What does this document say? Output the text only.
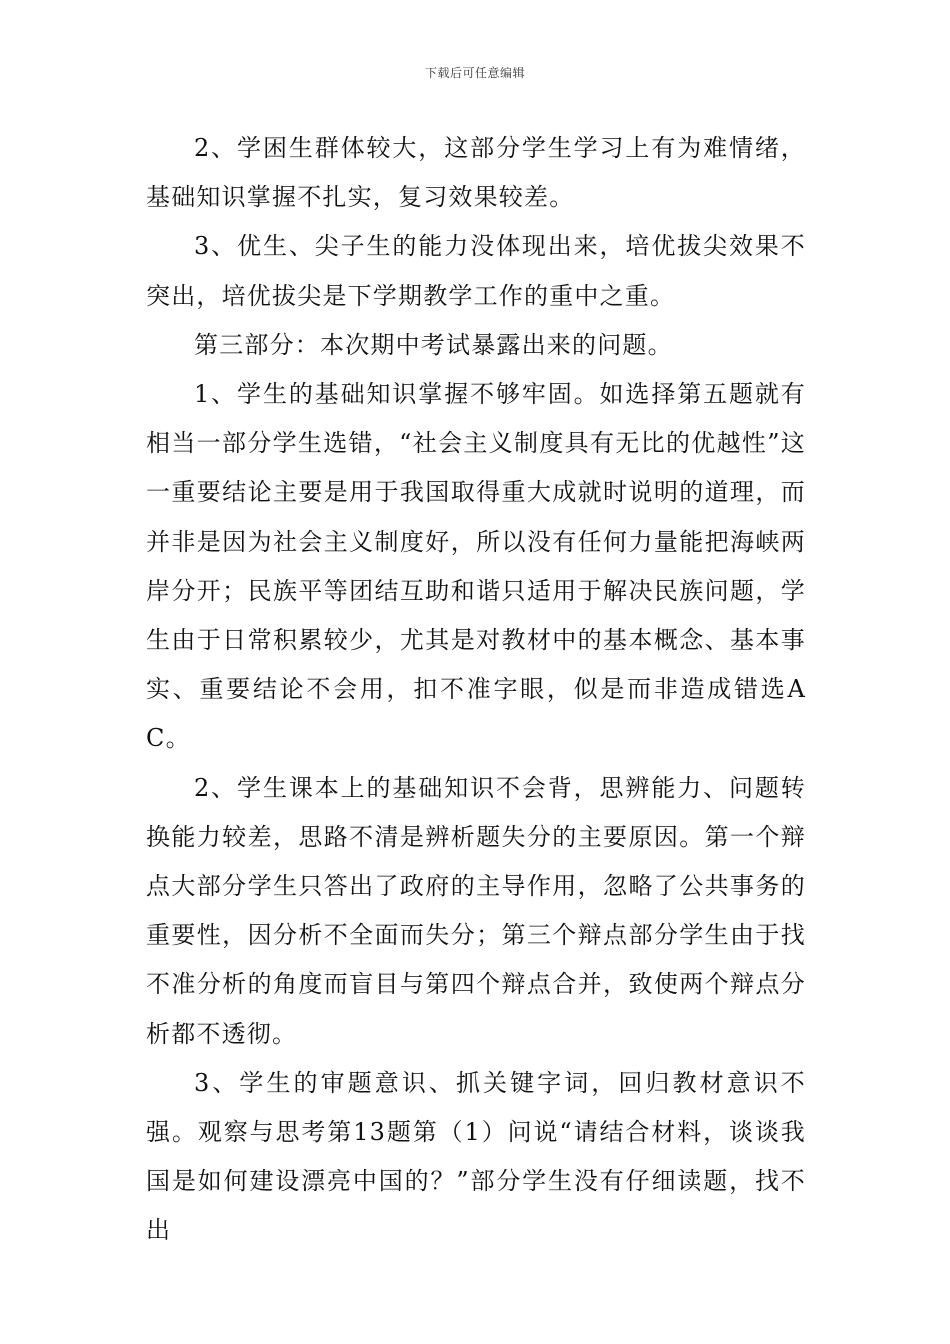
下载后可任意编辑

2、学困生群体较大，这部分学生学习上有为难情绪，基础知识掌握不扎实，复习效果较差。

3、优生、尖子生的能力没体现出来，培优拔尖效果不突出，培优拔尖是下学期教学工作的重中之重。

第三部分：本次期中考试暴露出来的问题。

1、学生的基础知识掌握不够牢固。如选择第五题就有相当一部分学生选错，“社会主义制度具有无比的优越性”这一重要结论主要是用于我国取得重大成就时说明的道理，而并非是因为社会主义制度好，所以没有任何力量能把海峡两岸分开；民族平等团结互助和谐只适用于解决民族问题，学生由于日常积累较少，尤其是对教材中的基本概念、基本事实、重要结论不会用，扣不准字眼，似是而非造成错选AC。

2、学生课本上的基础知识不会背，思辨能力、问题转换能力较差，思路不清是辨析题失分的主要原因。第一个辩点大部分学生只答出了政府的主导作用，忽略了公共事务的重要性，因分析不全面而失分；第三个辩点部分学生由于找不准分析的角度而盲目与第四个辩点合并，致使两个辩点分析都不透彻。

3、学生的审题意识、抓关键字词，回归教材意识不强。观察与思考第13题第（1）问说“请结合材料，谈谈我国是如何建设漂亮中国的？”部分学生没有仔细读题，找不出
